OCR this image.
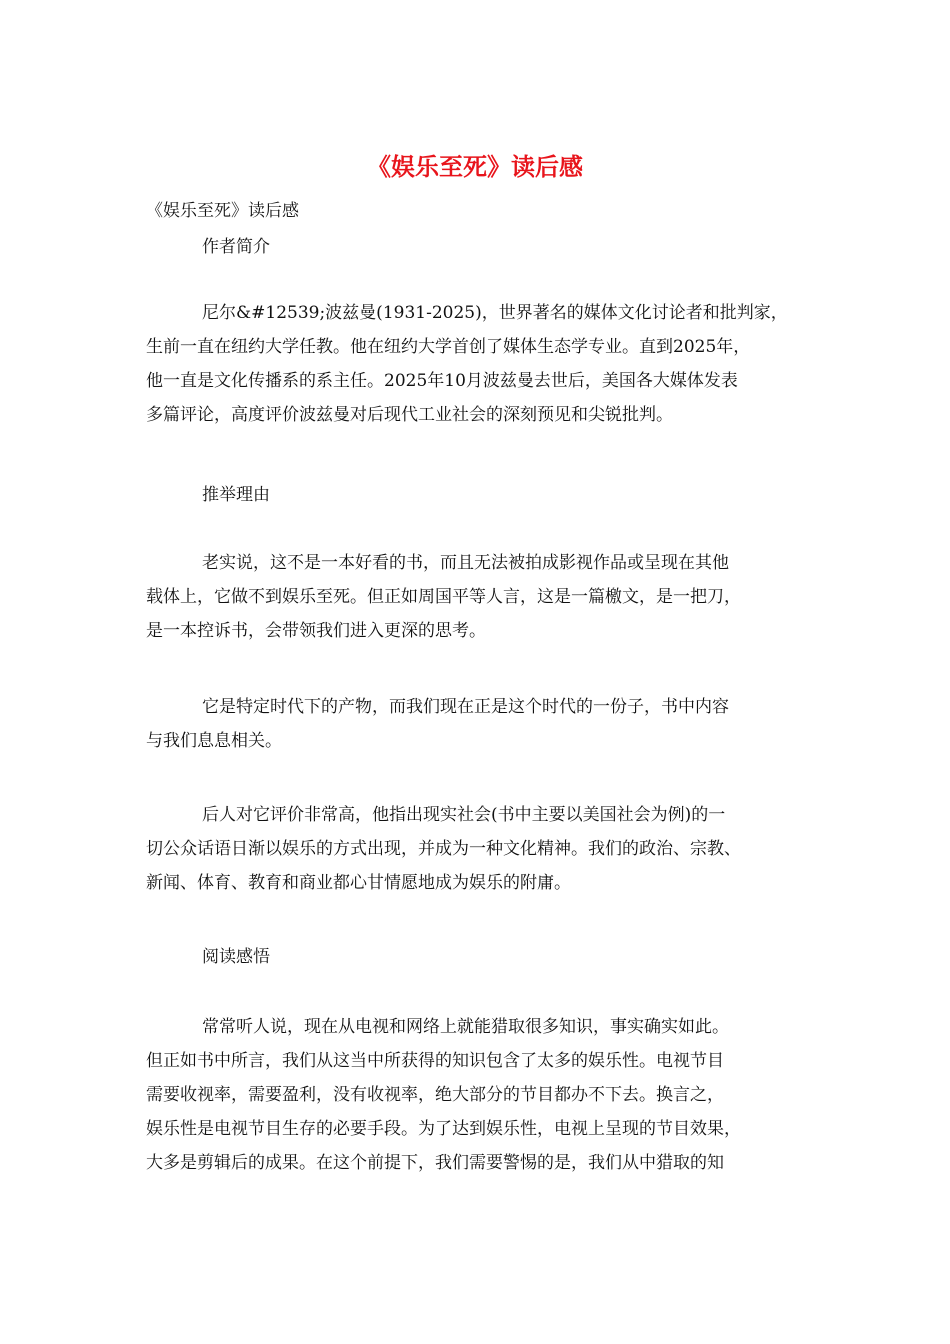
《娱乐至死》读后感

《娱乐至死》读后感

作者简介

尼尔&#12539;波兹曼(1931-2025)，世界著名的媒体文化讨论者和批判家，
生前一直在纽约大学任教。他在纽约大学首创了媒体生态学专业。直到2025年，
他一直是文化传播系的系主任。2025年10月波兹曼去世后，美国各大媒体发表
多篇评论，高度评价波兹曼对后现代工业社会的深刻预见和尖锐批判。

推举理由

老实说，这不是一本好看的书，而且无法被拍成影视作品或呈现在其他
载体上，它做不到娱乐至死。但正如周国平等人言，这是一篇檄文，是一把刀，
是一本控诉书，会带领我们进入更深的思考。
它是特定时代下的产物，而我们现在正是这个时代的一份子，书中内容
与我们息息相关。
后人对它评价非常高，他指出现实社会(书中主要以美国社会为例)的一
切公众话语日渐以娱乐的方式出现，并成为一种文化精神。我们的政治、宗教、
新闻、体育、教育和商业都心甘情愿地成为娱乐的附庸。

阅读感悟

常常听人说，现在从电视和网络上就能猎取很多知识，事实确实如此。
但正如书中所言，我们从这当中所获得的知识包含了太多的娱乐性。电视节目
需要收视率，需要盈利，没有收视率，绝大部分的节目都办不下去。换言之，
娱乐性是电视节目生存的必要手段。为了达到娱乐性，电视上呈现的节目效果，
大多是剪辑后的成果。在这个前提下，我们需要警惕的是，我们从中猎取的知
